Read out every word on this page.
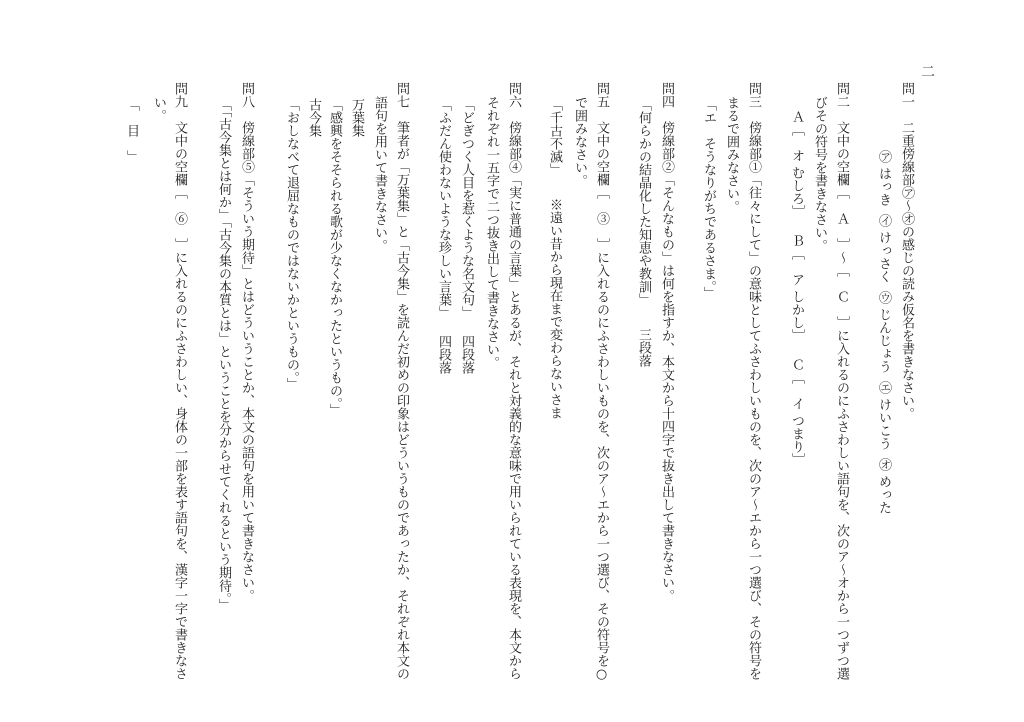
二
問一　二重傍線部㋐～㋔の感じの読み仮名を書きなさい。
㋐はっき㋑けっさく㋒じんじょう㋓けいこう㋔めった
問二　文中の空欄［　Ａ　］～［　Ｃ　］に入れるのにふさわしい語句を、次のア～オから一つずつ選
びその符号を書きなさい。
Ａ［　オ むしろ］Ｂ［　ア しかし］Ｃ［　イ つまり］
問三　傍線部①「往々にして」の意味としてふさわしいものを、次のア～エから一つ選び、その符号を
まるで囲みなさい。
「エ　そうなりがちであるさま。」
問四　傍線部②「そんなもの」は何を指すか、本文から十四字で抜き出して書きなさい。
「何らかの結晶化した知恵や教訓」三段落
問五　文中の空欄［　③　］に入れるのにふさわしいものを、次のア～エから一つ選び、その符号を○
で囲みなさい。
「千古不滅」※遠い昔から現在まで変わらないさま
問六　傍線部④「実に普通の言葉」とあるが、それと対義的な意味で用いられている表現を、本文から
それぞれ一五字で二つ抜き出して書きなさい。
「どぎつく人目を惹くような名文句」四段落
「ふだん使わないような珍しい言葉」四段落
問七　筆者が「万葉集」と「古今集」を読んだ初めの印象はどういうものであったか、それぞれ本文の
語句を用いて書きなさい。
万葉集
「感興をそそられる歌が少なくなかったというもの。」
古今集
「おしなべて退屈なものではないかというもの。」
問八　傍線部⑤「そういう期待」とはどういうことか、本文の語句を用いて書きなさい。
「「古今集とは何か」「古今集の本質とは」ということを分からせてくれるという期待。」
問九　文中の空欄［　⑥　］に入れるのにふさわしい、身体の一部を表す語句を、漢字一字で書きなさ
い。
「　目　」
